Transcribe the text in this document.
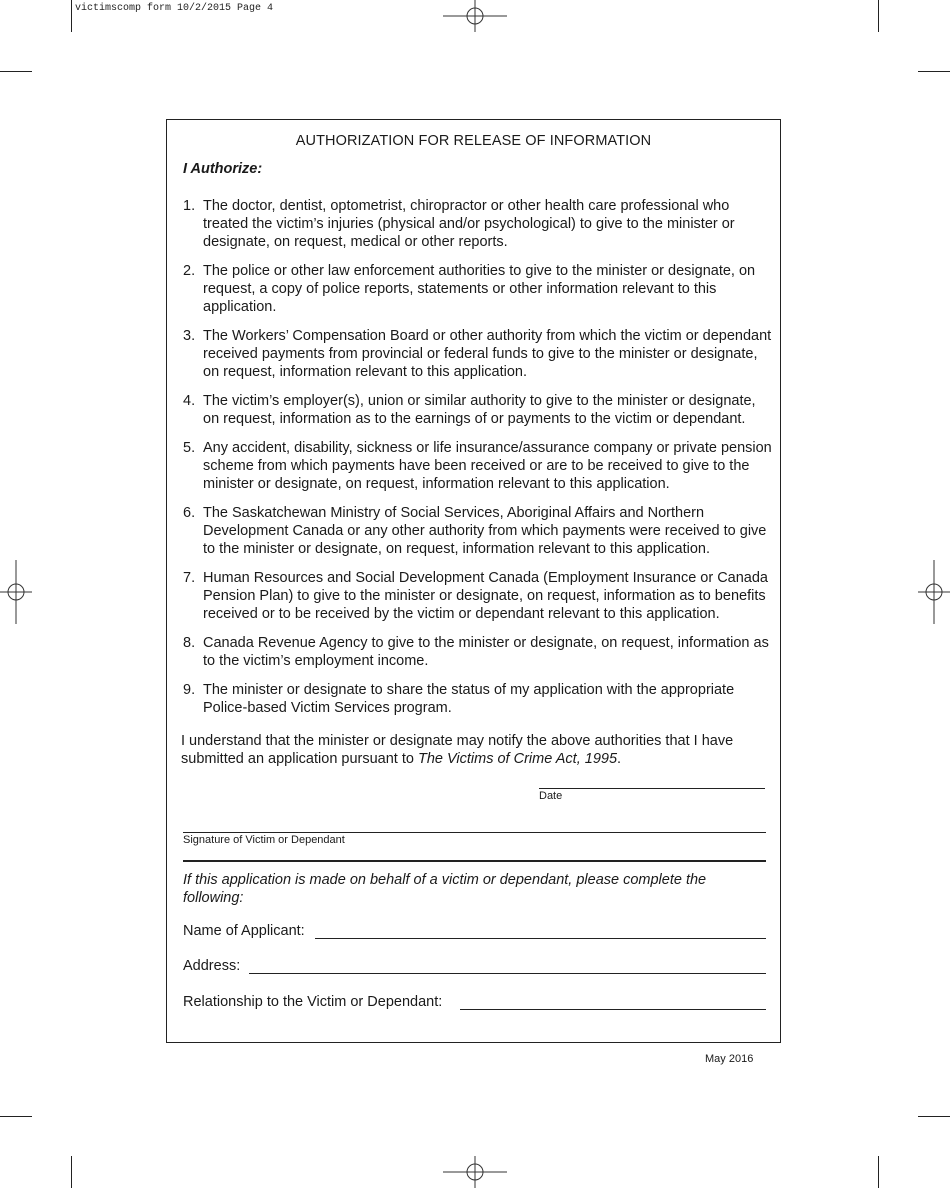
victimscomp form 10/2/2015 Page 4
AUTHORIZATION FOR RELEASE OF INFORMATION
I Authorize:
1. The doctor, dentist, optometrist, chiropractor or other health care professional who treated the victim’s injuries (physical and/or psychological) to give to the minister or designate, on request, medical or other reports.
2. The police or other law enforcement authorities to give to the minister or designate, on request, a copy of police reports, statements or other information relevant to this application.
3. The Workers’ Compensation Board or other authority from which the victim or dependant received payments from provincial or federal funds to give to the minister or designate, on request, information relevant to this application.
4. The victim’s employer(s), union or similar authority to give to the minister or designate, on request, information as to the earnings of or payments to the victim or dependant.
5. Any accident, disability, sickness or life insurance/assurance company or private pension scheme from which payments have been received or are to be received to give to the minister or designate, on request, information relevant to this application.
6. The Saskatchewan Ministry of Social Services, Aboriginal Affairs and Northern Development Canada or any other authority from which payments were received to give to the minister or designate, on request, information relevant to this application.
7. Human Resources and Social Development Canada (Employment Insurance or Canada Pension Plan) to give to the minister or designate, on request, information as to benefits received or to be received by the victim or dependant relevant to this application.
8. Canada Revenue Agency to give to the minister or designate, on request, information as to the victim’s employment income.
9. The minister or designate to share the status of my application with the appropriate Police-based Victim Services program.
I understand that the minister or designate may notify the above authorities that I have submitted an application pursuant to The Victims of Crime Act, 1995.
Date
Signature of Victim or Dependant
If this application is made on behalf of a victim or dependant, please complete the following:
Name of Applicant:
Address:
Relationship to the Victim or Dependant:
May 2016
